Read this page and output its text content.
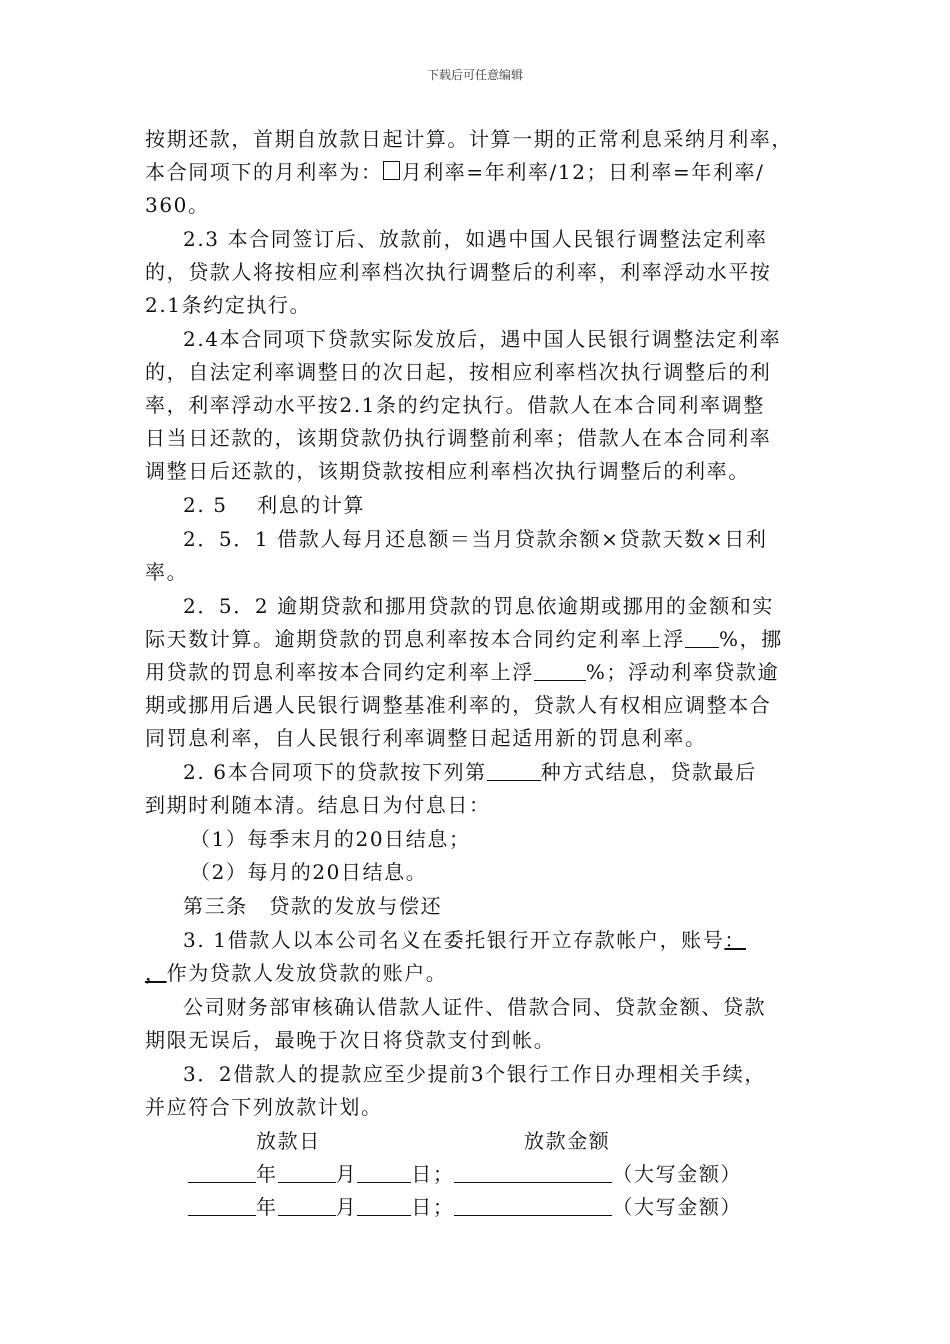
下载后可任意编辑
按期还款，首期自放款日起计算。计算一期的正常利息采纳月利率，
本合同项下的月利率为： 月利率=年利率/12；日利率=年利率/
360。
2.3 本合同签订后、放款前，如遇中国人民银行调整法定利率
的，贷款人将按相应利率档次执行调整后的利率，利率浮动水平按
2.1条约定执行。
2.4本合同项下贷款实际发放后，遇中国人民银行调整法定利率
的，自法定利率调整日的次日起，按相应利率档次执行调整后的利
率，利率浮动水平按2.1条的约定执行。借款人在本合同利率调整
日当日还款的，该期贷款仍执行调整前利率；借款人在本合同利率
调整日后还款的，该期贷款按相应利率档次执行调整后的利率。
2. 5　 利息的计算
2．5．1 借款人每月还息额＝当月贷款余额×贷款天数×日利
率。
2．5．2 逾期贷款和挪用贷款的罚息依逾期或挪用的金额和实
际天数计算。逾期贷款的罚息利率按本合同约定利率上浮 %，挪
用贷款的罚息利率按本合同约定利率上浮	%；浮动利率贷款逾
期或挪用后遇人民银行调整基准利率的，贷款人有权相应调整本合
同罚息利率，自人民银行利率调整日起适用新的罚息利率。
2. 6本合同项下的贷款按下列第	种方式结息，贷款最后
到期时利随本清。结息日为付息日：
（1）每季末月的20日结息；
（2）每月的20日结息。
第三条　贷款的发放与偿还
3. 1借款人以本公司名义在委托银行开立存款帐户，账号：
，作为贷款人发放贷款的账户。
公司财务部审核确认借款人证件、借款合同、贷款金额、贷款
期限无误后，最晚于次日将贷款支付到帐。
3．2借款人的提款应至少提前3个银行工作日办理相关手续，
并应符合下列放款计划。
放款日	放款金额
年	月	日；	（大写金额）
年	月	日；	（大写金额）
